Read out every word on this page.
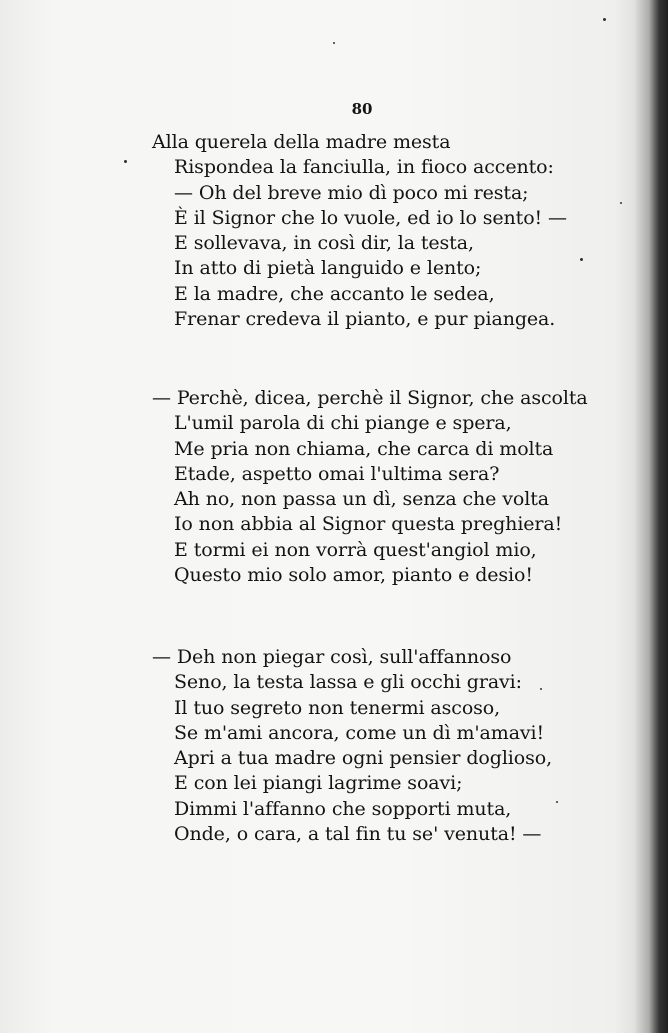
80
Alla querela della madre mesta
Rispondea la fanciulla, in fioco accento:
— Oh del breve mio dì poco mi resta;
È il Signor che lo vuole, ed io lo sento! —
E sollevava, in così dir, la testa,
In atto di pietà languido e lento;
E la madre, che accanto le sedea,
Frenar credeva il pianto, e pur piangea.
— Perchè, dicea, perchè il Signor, che ascolta
L'umil parola di chi piange e spera,
Me pria non chiama, che carca di molta
Etade, aspetto omai l'ultima sera?
Ah no, non passa un dì, senza che volta
Io non abbia al Signor questa preghiera!
E tormi ei non vorrà quest'angiol mio,
Questo mio solo amor, pianto e desio!
— Deh non piegar così, sull'affannoso
Seno, la testa lassa e gli occhi gravi:
Il tuo segreto non tenermi ascoso,
Se m'ami ancora, come un dì m'amavi!
Apri a tua madre ogni pensier doglioso,
E con lei piangi lagrime soavi;
Dimmi l'affanno che sopporti muta,
Onde, o cara, a tal fin tu se' venuta! —
